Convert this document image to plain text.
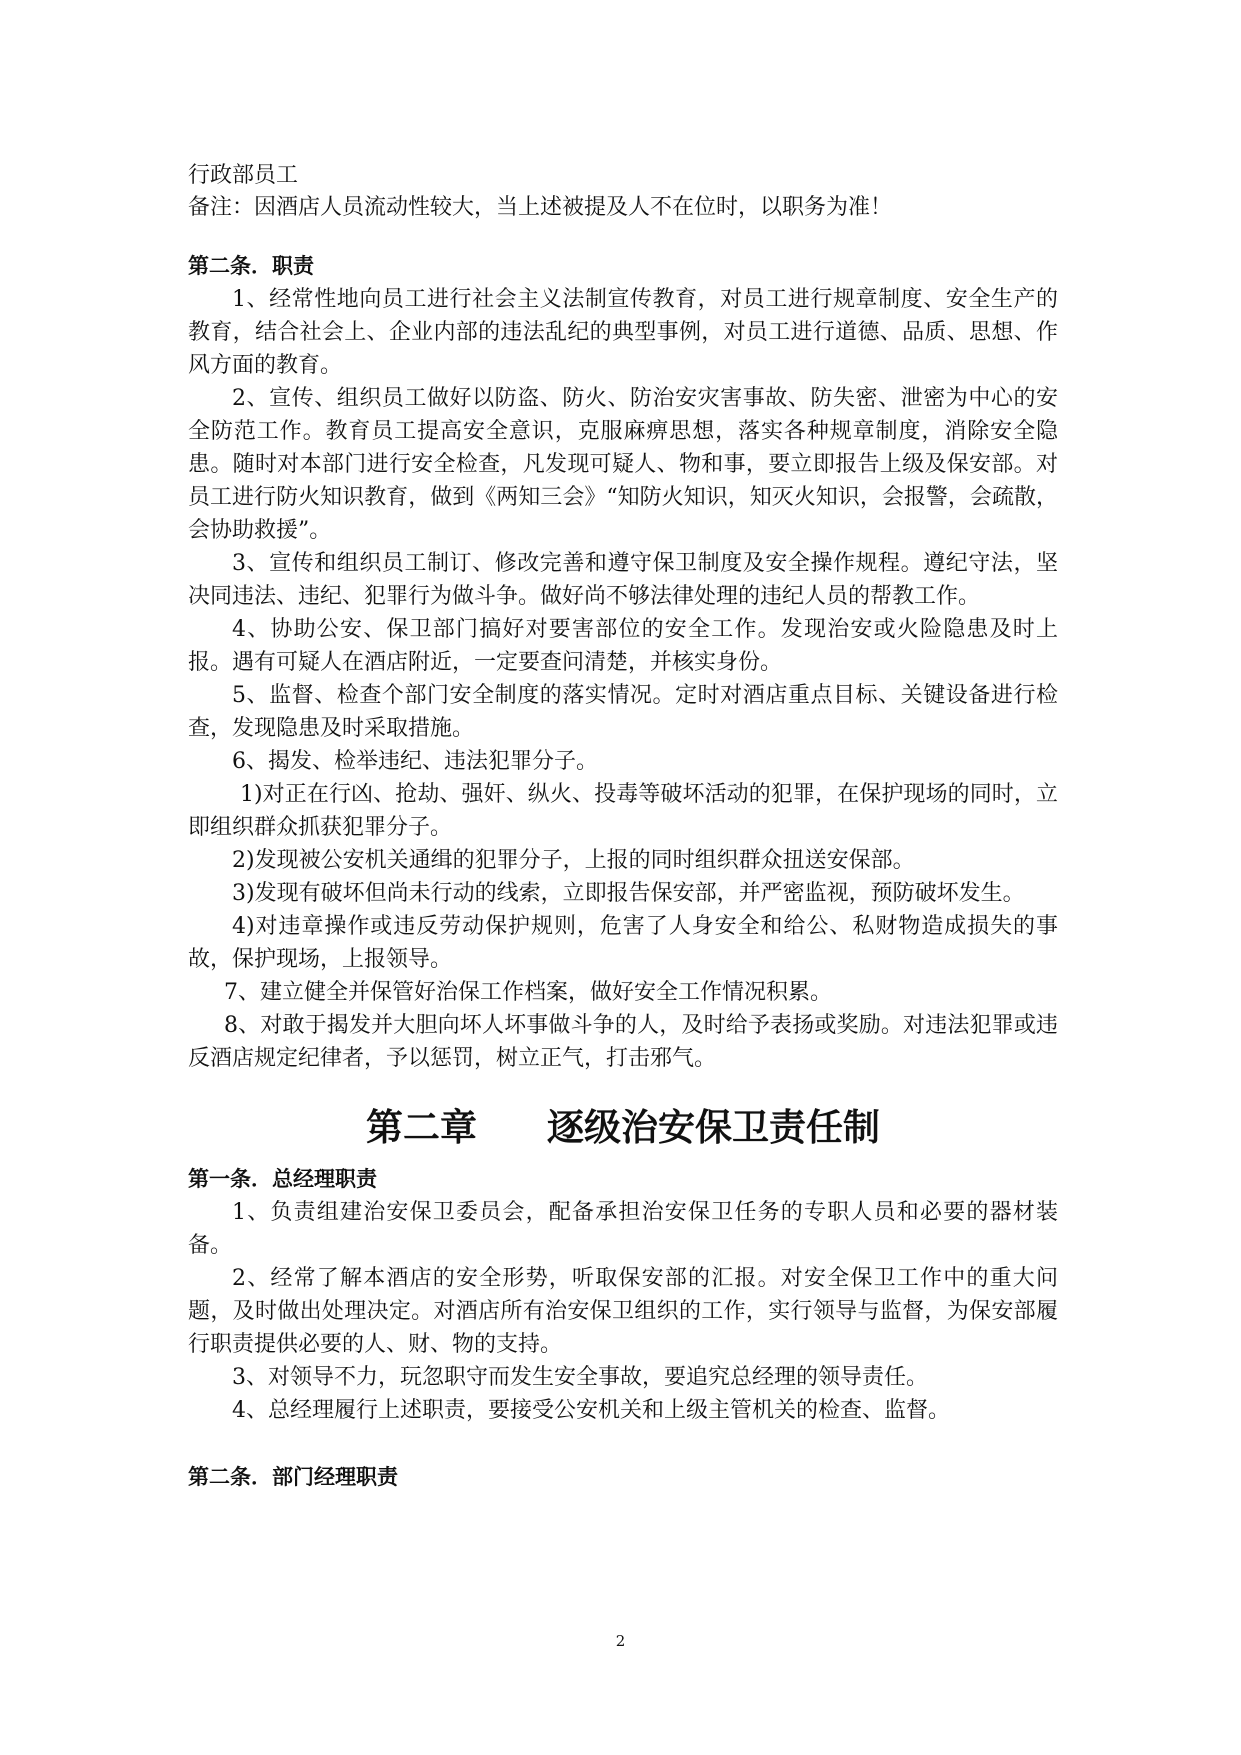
行政部员工
备注：因酒店人员流动性较大，当上述被提及人不在位时，以职务为准！
第二条．职责

1、经常性地向员工进行社会主义法制宣传教育，对员工进行规章制度、安全生产的教育，结合社会上、企业内部的违法乱纪的典型事例，对员工进行道德、品质、思想、作风方面的教育。

2、宣传、组织员工做好以防盗、防火、防治安灾害事故、防失密、泄密为中心的安全防范工作。教育员工提高安全意识，克服麻痹思想，落实各种规章制度，消除安全隐患。随时对本部门进行安全检查，凡发现可疑人、物和事，要立即报告上级及保安部。对员工进行防火知识教育，做到《两知三会》“知防火知识，知灭火知识，会报警，会疏散，会协助救援”。

3、宣传和组织员工制订、修改完善和遵守保卫制度及安全操作规程。遵纪守法，坚决同违法、违纪、犯罪行为做斗争。做好尚不够法律处理的违纪人员的帮教工作。

4、协助公安、保卫部门搞好对要害部位的安全工作。发现治安或火险隐患及时上报。遇有可疑人在酒店附近，一定要查问清楚，并核实身份。

5、监督、检查个部门安全制度的落实情况。定时对酒店重点目标、关键设备进行检查，发现隐患及时采取措施。

6、揭发、检举违纪、违法犯罪分子。

1)对正在行凶、抢劫、强奸、纵火、投毒等破坏活动的犯罪，在保护现场的同时，立即组织群众抓获犯罪分子。

2)发现被公安机关通缉的犯罪分子，上报的同时组织群众扭送安保部。

3)发现有破坏但尚未行动的线索，立即报告保安部，并严密监视，预防破坏发生。

4)对违章操作或违反劳动保护规则，危害了人身安全和给公、私财物造成损失的事故，保护现场，上报领导。

7、建立健全并保管好治保工作档案，做好安全工作情况积累。

8、对敢于揭发并大胆向坏人坏事做斗争的人，及时给予表扬或奖励。对违法犯罪或违反酒店规定纪律者，予以惩罚，树立正气，打击邪气。

第二章 逐级治安保卫责任制
第一条．总经理职责

1、负责组建治安保卫委员会，配备承担治安保卫任务的专职人员和必要的器材装备。

2、经常了解本酒店的安全形势，听取保安部的汇报。对安全保卫工作中的重大问题，及时做出处理决定。对酒店所有治安保卫组织的工作，实行领导与监督，为保安部履行职责提供必要的人、财、物的支持。

3、对领导不力，玩忽职守而发生安全事故，要追究总经理的领导责任。

4、总经理履行上述职责，要接受公安机关和上级主管机关的检查、监督。

第二条．部门经理职责
2
